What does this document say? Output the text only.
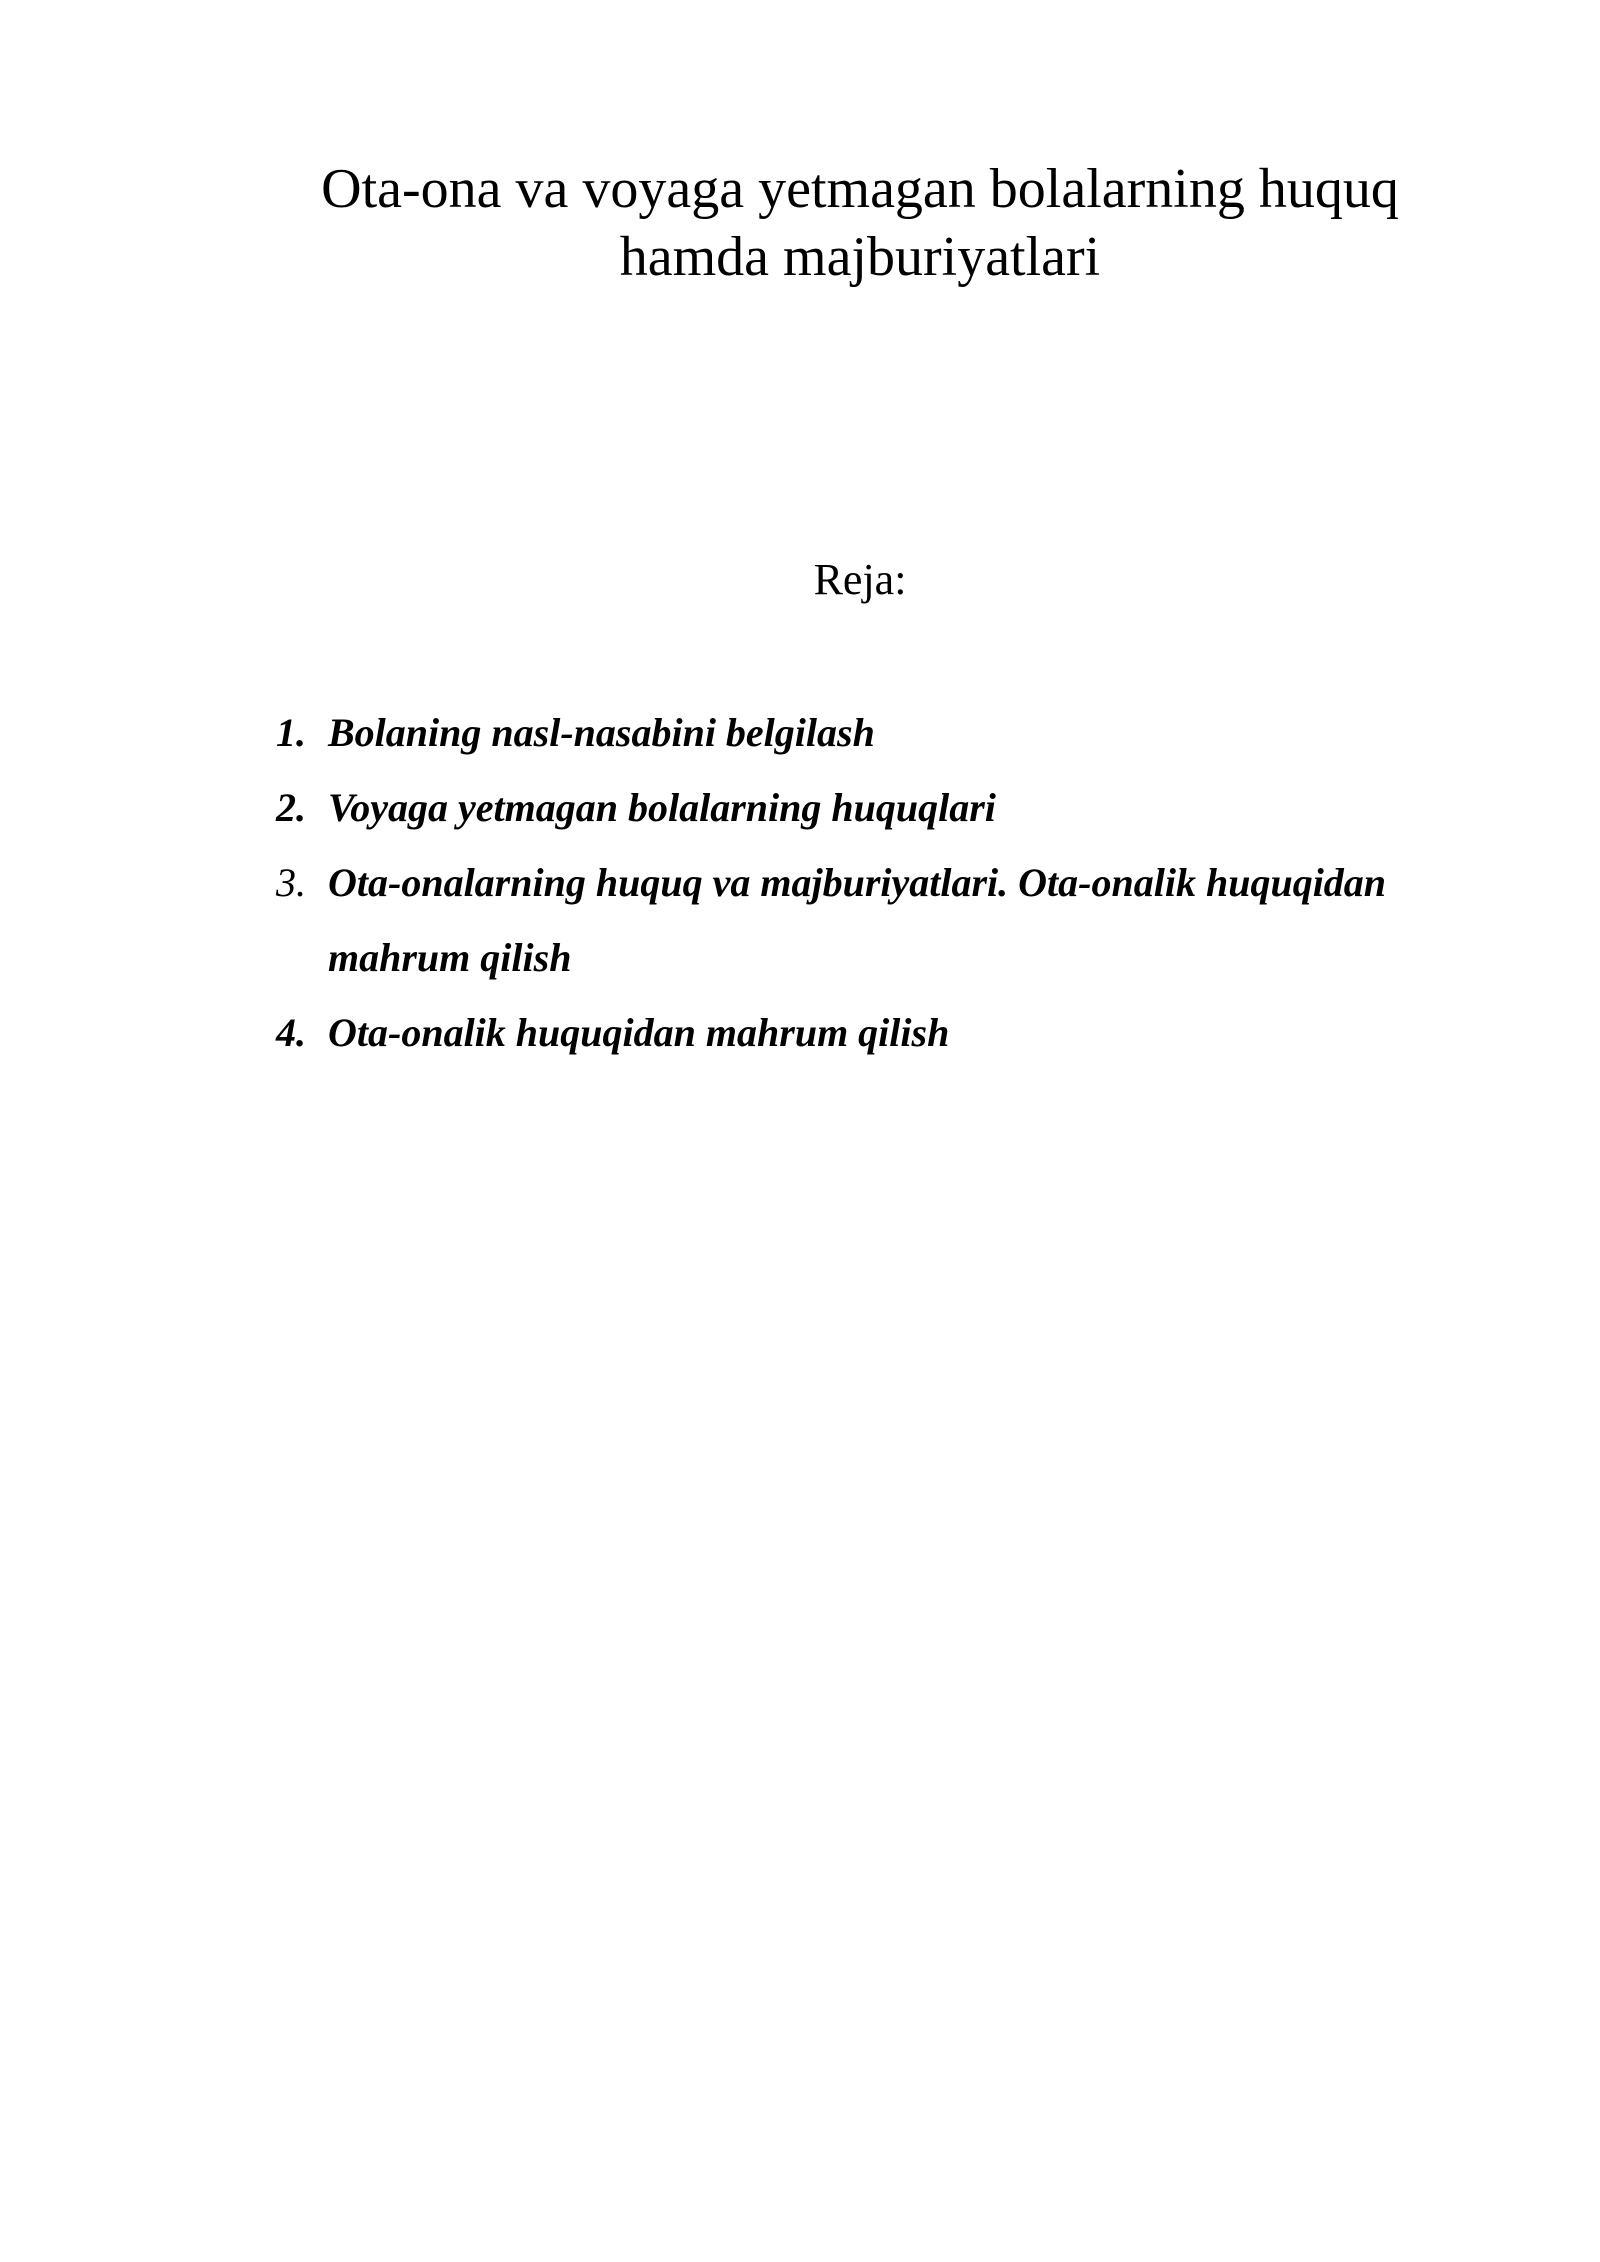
Ota-ona va voyaga yetmagan bolalarning huquq
hamda majburiyatlari

Reja:

1. Bolaning nasl-nasabini belgilash
2. Voyaga yetmagan bolalarning huquqlari
3. Ota-onalarning huquq va majburiyatlari. Ota-onalik huquqidan mahrum qilish
4. Ota-onalik huquqidan mahrum qilish
